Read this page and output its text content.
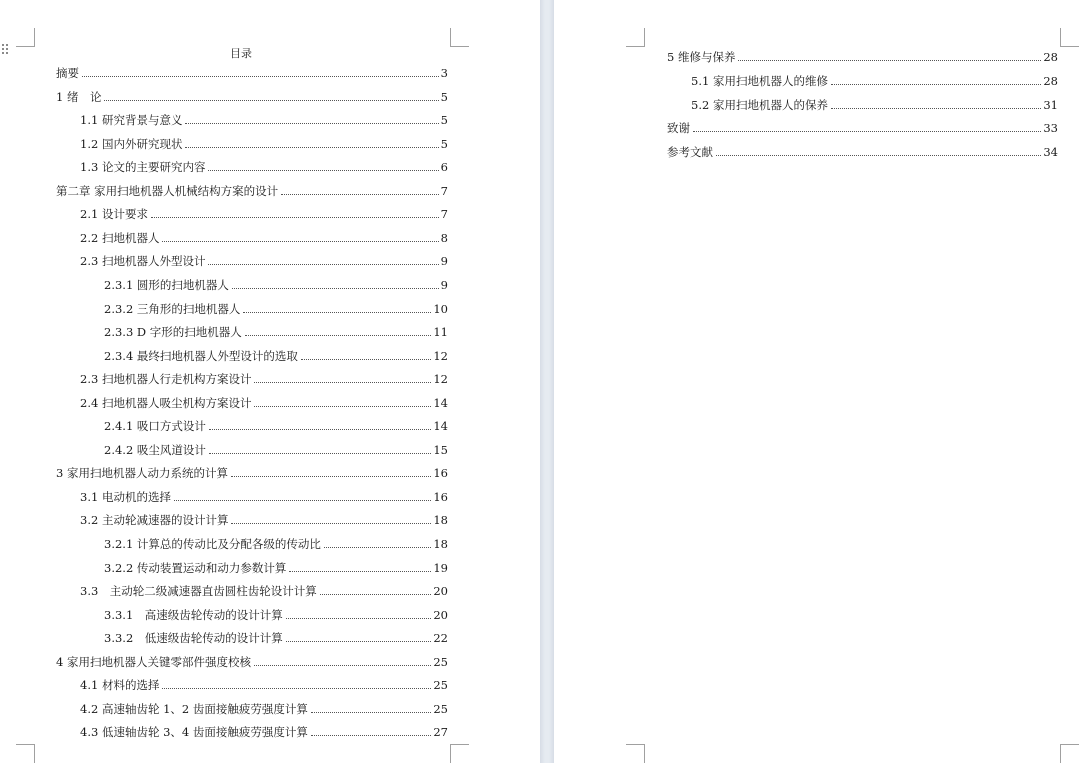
目录
摘要	3
1 绪　论	5
1.1 研究背景与意义	5
1.2 国内外研究现状	5
1.3 论文的主要研究内容	6
第二章 家用扫地机器人机械结构方案的设计	7
2.1 设计要求	7
2.2 扫地机器人	8
2.3 扫地机器人外型设计	9
2.3.1 圆形的扫地机器人	9
2.3.2 三角形的扫地机器人	10
2.3.3 D 字形的扫地机器人	11
2.3.4 最终扫地机器人外型设计的选取	12
2.3 扫地机器人行走机构方案设计	12
2.4 扫地机器人吸尘机构方案设计	14
2.4.1 吸口方式设计	14
2.4.2 吸尘风道设计	15
3 家用扫地机器人动力系统的计算	16
3.1 电动机的选择	16
3.2 主动轮减速器的设计计算	18
3.2.1 计算总的传动比及分配各级的传动比	18
3.2.2 传动装置运动和动力参数计算	19
3.3　主动轮二级减速器直齿圆柱齿轮设计计算	20
3.3.1　高速级齿轮传动的设计计算	20
3.3.2　低速级齿轮传动的设计计算	22
4 家用扫地机器人关键零部件强度校核	25
4.1 材料的选择	25
4.2 高速轴齿轮 1、2 齿面接触疲劳强度计算	25
4.3 低速轴齿轮 3、4 齿面接触疲劳强度计算	27
5 维修与保养	28
5.1 家用扫地机器人的维修	28
5.2 家用扫地机器人的保养	31
致谢	33
参考文献	34
